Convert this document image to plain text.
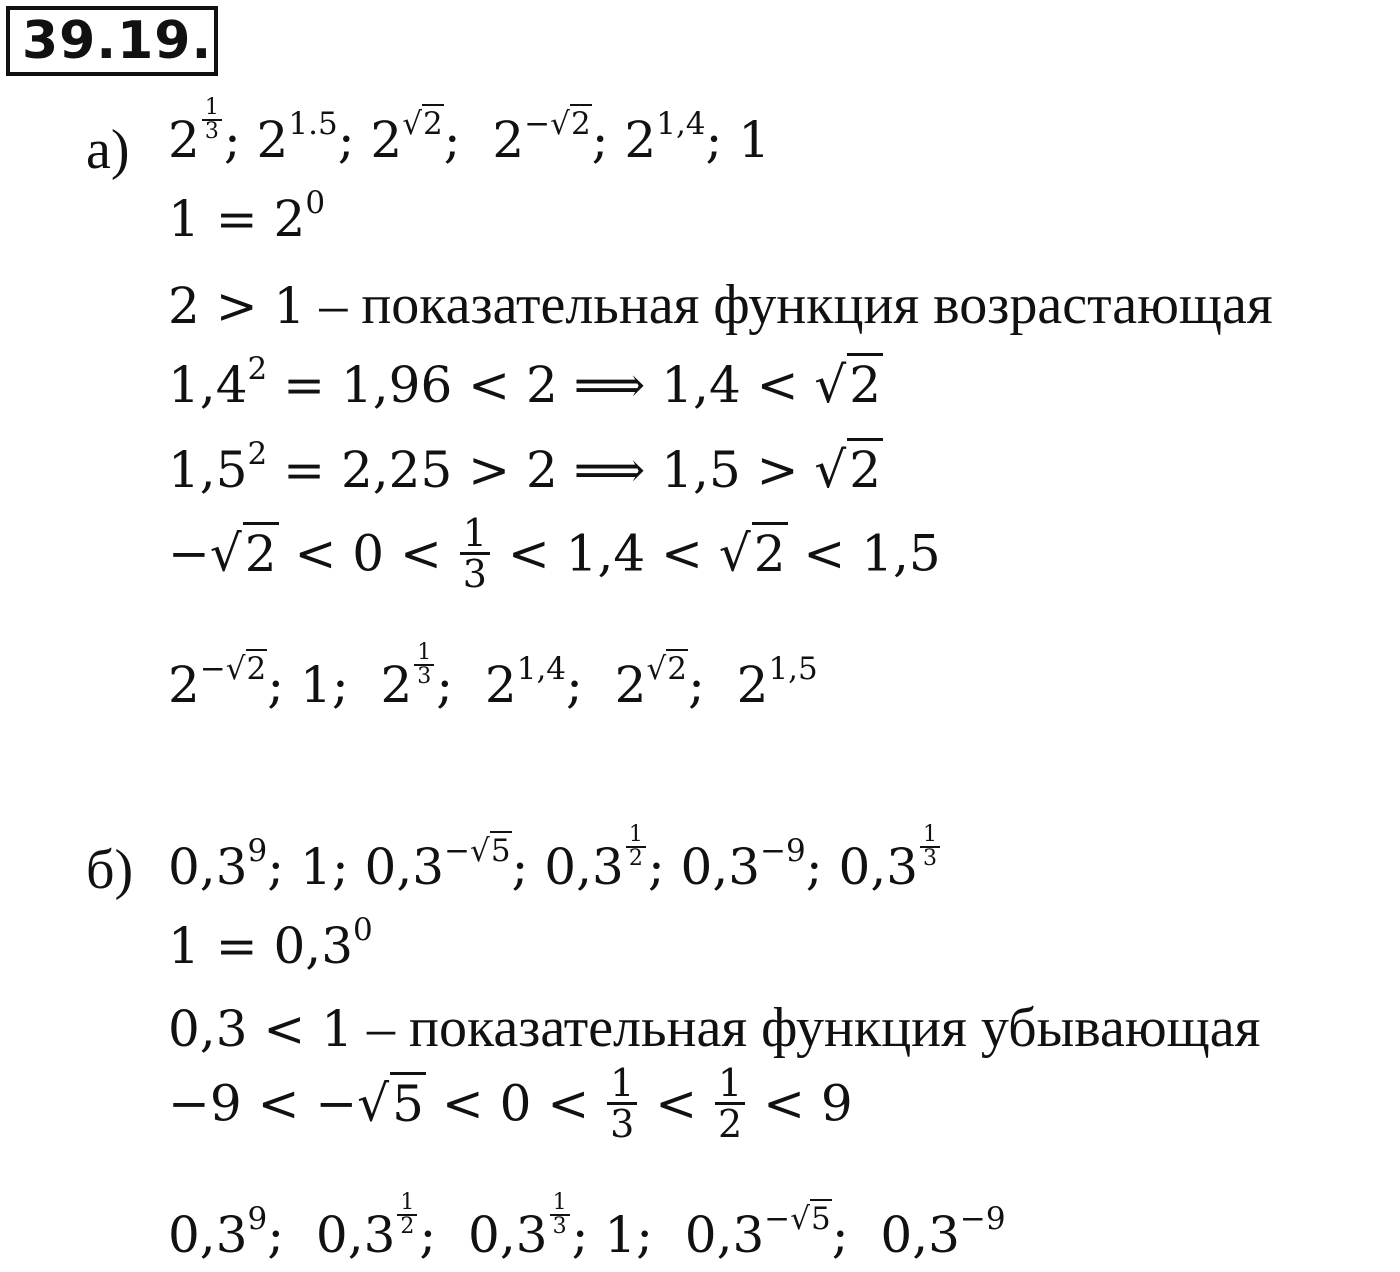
39.19.
а) $2 \frac{1}{3}$ ; $2^{1.5}$; $2^{√2}$;  $2^{-√2}$; 2$^{1,4}$; 1
$1 = 2^0$
2 > 1 – показательная функция возрастающая
$1,4^2 = 1,96 < 2$ ⟹ 1,4 < √2
$1,5^2 = 2,25 > 2$ ⟹ 1,5 > √2
$-√2 < 0 < \frac{1}{3} < 1,4 < √2 < 1,5$
$2^{-√2}$; 1;  $2 \frac{1}{3}$ ;  2$^{1,4}$;  $2^{√2}$;  2$^{1,5}$
б) $0,3^9$; 1; $0,3^{-√5}$; $0,3 \frac{1}{2}$ ; $0,3^{-9}$; $0,3 \frac{1}{3}$
$1 = 0,3^0$
0,3 < 1 – показательная функция убывающая
$-9 < -√5 < 0 < \frac{1}{3} < \frac{1}{2} < 9$
$0,3^9$;  $0,3 \frac{1}{2}$ ;  $0,3 \frac{1}{3}$ ; 1;  $0,3^{-√5}$;  $0,3^{-9}$
